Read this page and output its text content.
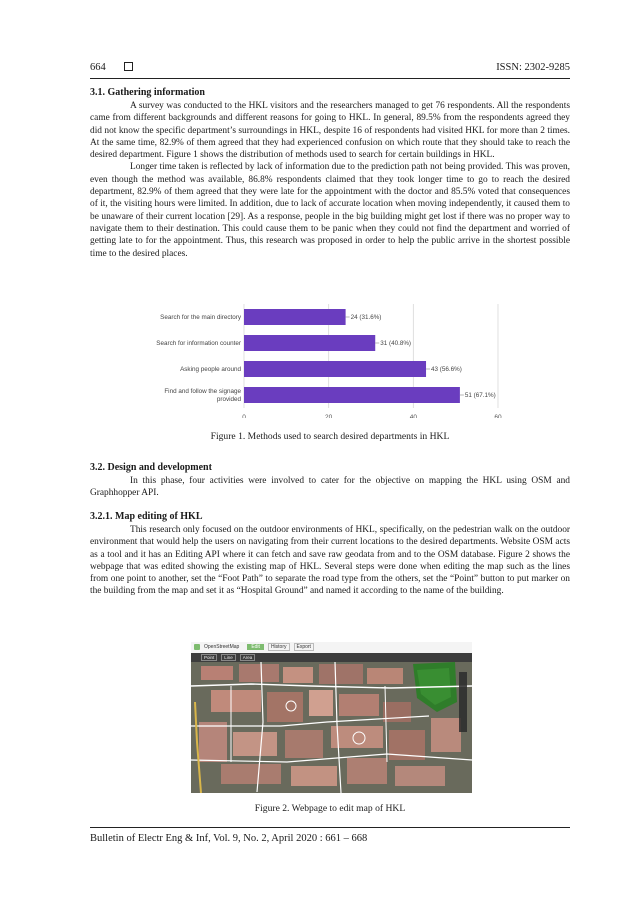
664	ISSN: 2302-9285
3.1. Gathering information

A survey was conducted to the HKL visitors and the researchers managed to get 76 respondents. All the respondents came from different backgrounds and different reasons for going to HKL. In general, 89.5% from the respondents agreed they did not know the specific department’s surroundings in HKL, despite 16 of respondents had visited HKL for more than 2 times. At the same time, 82.9% of them agreed that they had experienced confusion on which route that they should take to reach the desired department. Figure 1 shows the distribution of methods used to search for certain buildings in HKL.

Longer time taken is reflected by lack of information due to the prediction path not being provided. This was proven, even though the method was available, 86.8% respondents claimed that they took longer time to go to reach the desired department, 82.9% of them agreed that they were late for the appointment with the doctor and 85.5% voted that consequences of it, the visiting hours were limited. In addition, due to lack of accurate location when moving independently, it caused them to be unaware of their current location [29]. As a response, people in the big building might get lost if there was no proper way to navigate them to their destination. This could cause them to be panic when they could not find the department and worried of getting late to for the appointment. Thus, this research was proposed in order to help the public arrive in the shortest possible time to the desired places.

0	20	40	60
Search for the main directory	24 (31.6%)
Search for information counter	31 (40.8%)
Asking people around	43 (56.6%)
Find and follow the signage provided
51 (67.1%)
Figure 1. Methods used to search desired departments in HKL
3.2. Design and development

In this phase, four activities were involved to cater for the objective on mapping the HKL using OSM and Graphhopper API.

3.2.1. Map editing of HKL

This research only focused on the outdoor environments of HKL, specifically, on the pedestrian walk on the outdoor environment that would help the users on navigating from their current locations to the desired departments. Website OSM acts as a tool and it has an Editing API where it can fetch and save raw geodata from and to the OSM database. Figure 2 shows the webpage that was edited showing the existing map of HKL. Several steps were done when editing the map such as the lines from one point to another, set the “Foot Path” to separate the road type from the others, set the “Point” button to put marker on the building from the map and set it as “Hospital Ground” and named it according to the name of the building.

OpenStreetMap	Edit	History	Export
Point	Line	Area
Figure 2. Webpage to edit map of HKL
Bulletin of Electr Eng & Inf, Vol. 9, No. 2, April 2020 : 661 – 668
